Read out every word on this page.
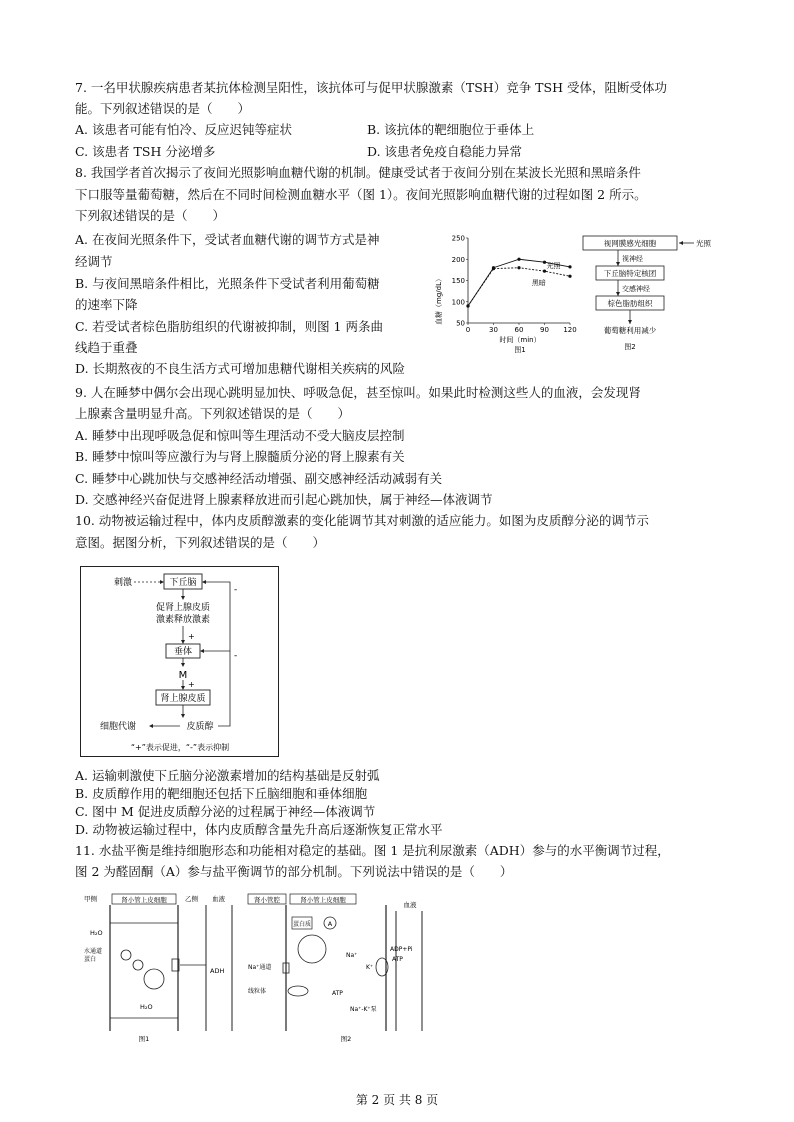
7. 一名甲状腺疾病患者某抗体检测呈阳性，该抗体可与促甲状腺激素（TSH）竞争 TSH 受体，阻断受体功
能。下列叙述错误的是（　　）
A. 该患者可能有怕冷、反应迟钝等症状	B. 该抗体的靶细胞位于垂体上
C. 该患者 TSH 分泌增多	D. 该患者免疫自稳能力异常
8. 我国学者首次揭示了夜间光照影响血糖代谢的机制。健康受试者于夜间分别在某波长光照和黑暗条件
下口服等量葡萄糖，然后在不同时间检测血糖水平（图 1）。夜间光照影响血糖代谢的过程如图 2 所示。
下列叙述错误的是（　　）
A. 在夜间光照条件下，受试者血糖代谢的调节方式是神
经调节
B. 与夜间黑暗条件相比，光照条件下受试者利用葡萄糖
的速率下降
C. 若受试者棕色脂肪组织的代谢被抑制，则图 1 两条曲
线趋于重叠
D. 长期熬夜的不良生活方式可增加患糖代谢相关疾病的风险
250
200
150
100
50
0	30 60 90 120
光照
黑暗
血糖（mg/dL）
时间（min）
图1
视网膜感光细胞	光照
视神经
下丘脑特定核团
交感神经
棕色脂肪组织
葡萄糖利用减少
图2
9. 人在睡梦中偶尔会出现心跳明显加快、呼吸急促，甚至惊叫。如果此时检测这些人的血液，会发现肾
上腺素含量明显升高。下列叙述错误的是（　　）
A. 睡梦中出现呼吸急促和惊叫等生理活动不受大脑皮层控制
B. 睡梦中惊叫等应激行为与肾上腺髓质分泌的肾上腺素有关
C. 睡梦中心跳加快与交感神经活动增强、副交感神经活动减弱有关
D. 交感神经兴奋促进肾上腺素释放进而引起心跳加快，属于神经—体液调节
10. 动物被运输过程中，体内皮质醇激素的变化能调节其对刺激的适应能力。如图为皮质醇分泌的调节示
意图。据图分析，下列叙述错误的是（　　）
刺激	下丘脑
促肾上腺皮质
激素释放激素
+
垂体
M
+
肾上腺皮质
皮质醇
细胞代谢
-
-
“+”表示促进，“-”表示抑制
A. 运输刺激使下丘脑分泌激素增加的结构基础是反射弧
B. 皮质醇作用的靶细胞还包括下丘脑细胞和垂体细胞
C. 图中 M 促进皮质醇分泌的过程属于神经—体液调节
D. 动物被运输过程中，体内皮质醇含量先升高后逐渐恢复正常水平
11. 水盐平衡是维持细胞形态和功能相对稳定的基础。图 1 是抗利尿激素（ADH）参与的水平衡调节过程，
图 2 为醛固酮（A）参与盐平衡调节的部分机制。下列说法中错误的是（　　）
甲侧	肾小管上皮细胞	乙侧 血液
H₂O
水通道
蛋白
ADH
H₂O
图1
肾小管腔	肾小管上皮细胞
血液
蛋白质	A
Na⁺
Na⁺通道
ADP+Pi
ATP
K⁺
线粒体	ATP
Na⁺-K⁺泵
图2
第 2 页 共 8 页
